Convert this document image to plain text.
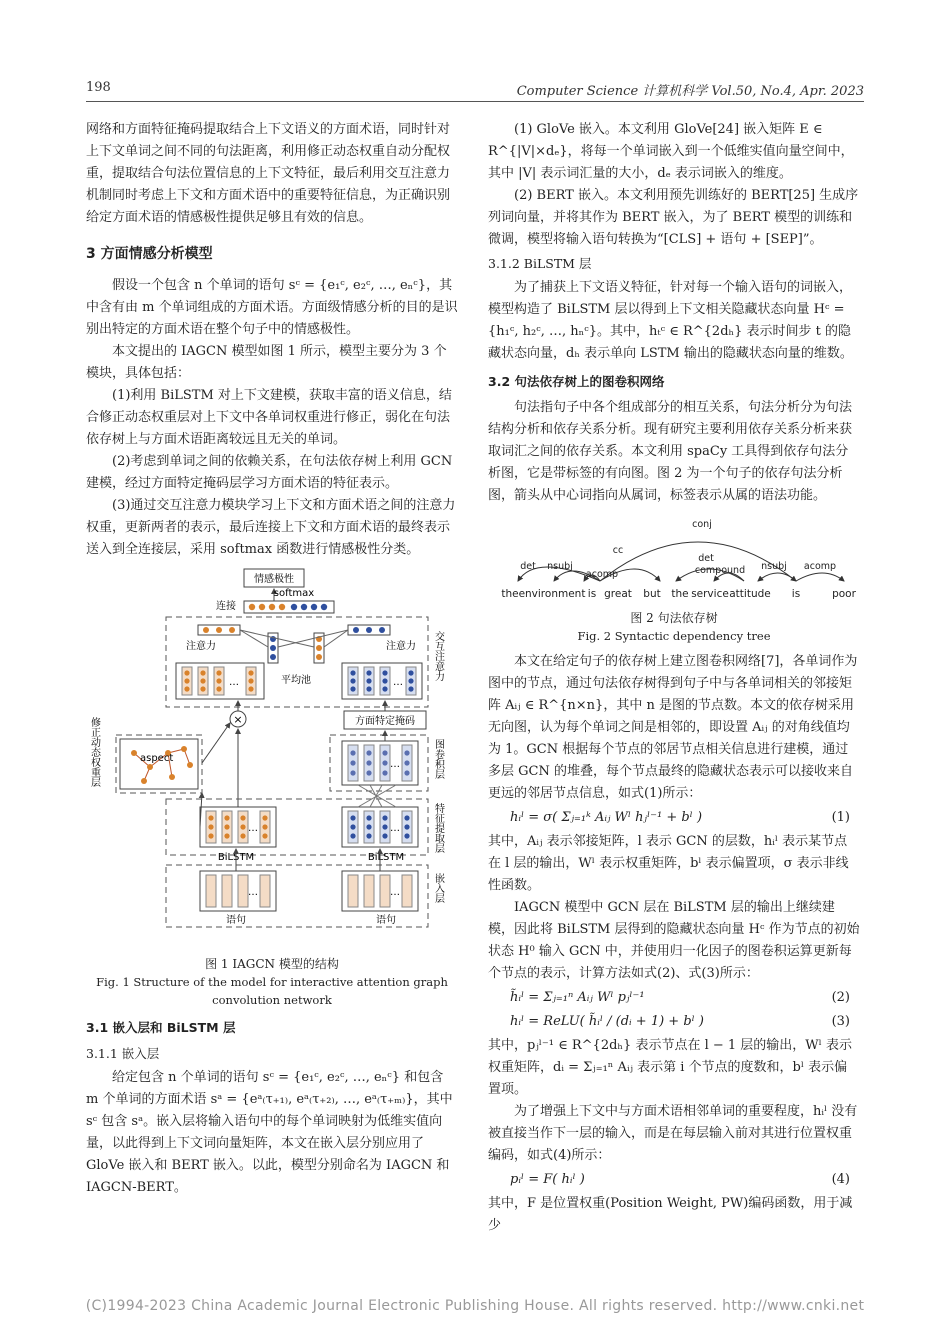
198	Computer Science 计算机科学 Vol.50, No.4, Apr. 2023

网络和方面特征掩码提取结合上下文语义的方面术语，同时针对上下文单词之间不同的句法距离，利用修正动态权重自动分配权重，提取结合句法位置信息的上下文特征，最后利用交互注意力机制同时考虑上下文和方面术语中的重要特征信息，为正确识别给定方面术语的情感极性提供足够且有效的信息。

3 方面情感分析模型

假设一个包含 n 个单词的语句 sᶜ = {e₁ᶜ, e₂ᶜ, …, eₙᶜ}，其中含有由 m 个单词组成的方面术语。方面级情感分析的目的是识别出特定的方面术语在整个句子中的情感极性。

本文提出的 IAGCN 模型如图 1 所示，模型主要分为 3 个模块，具体包括：

(1)利用 BiLSTM 对上下文建模，获取丰富的语义信息，结合修正动态权重层对上下文中各单词权重进行修正，弱化在句法依存树上与方面术语距离较远且无关的单词。

(2)考虑到单词之间的依赖关系，在句法依存树上利用 GCN 建模，经过方面特定掩码层学习方面术语的特征表示。

(3)通过交互注意力模块学习上下文和方面术语之间的注意力权重，更新两者的表示，最后连接上下文和方面术语的最终表示送入到全连接层，采用 softmax 函数进行情感极性分类。

情感极性
softmax
连接
交互注意力
注意力	注意力
平均池
…	…
×	方面特定掩码
图卷积层
…
修正动态权重层	aspect
特征提取层
…
BiLSTM
…
BiLSTM
嵌入层
…
语句
…
语句
图 1 IAGCN 模型的结构
Fig. 1 Structure of the model for interactive attention graph
convolution network
3.1 嵌入层和 BiLSTM 层
3.1.1 嵌入层

给定包含 n 个单词的语句 sᶜ = {e₁ᶜ, e₂ᶜ, …, eₙᶜ} 和包含 m 个单词的方面术语 sᵃ = {eᵃ₍τ₊₁₎, eᵃ₍τ₊₂₎, …, eᵃ₍τ₊ₘ₎}，其中 sᶜ 包含 sᵃ。嵌入层将输入语句中的每个单词映射为低维实值向量，以此得到上下文词向量矩阵，本文在嵌入层分别应用了 GloVe 嵌入和 BERT 嵌入。以此，模型分别命名为 IAGCN 和 IAGCN-BERT。

(1) GloVe 嵌入。本文利用 GloVe[24] 嵌入矩阵 E ∈ R^{|V|×dₑ}，将每一个单词嵌入到一个低维实值向量空间中，其中 |V| 表示词汇量的大小，dₑ 表示词嵌入的维度。

(2) BERT 嵌入。本文利用预先训练好的 BERT[25] 生成序列词向量，并将其作为 BERT 嵌入，为了 BERT 模型的训练和微调，模型将输入语句转换为“[CLS] + 语句 + [SEP]”。

3.1.2 BiLSTM 层

为了捕获上下文语义特征，针对每一个输入语句的词嵌入，模型构造了 BiLSTM 层以得到上下文相关隐藏状态向量 Hᶜ = {h₁ᶜ, h₂ᶜ, …, hₙᶜ}。其中，hₜᶜ ∈ R^{2dₕ} 表示时间步 t 的隐藏状态向量，dₕ 表示单向 LSTM 输出的隐藏状态向量的维数。

3.2 句法依存树上的图卷积网络

句法指句子中各个组成部分的相互关系，句法分析分为句法结构分析和依存关系分析。现有研究主要利用依存关系分析来获取词汇之间的依存关系。本文利用 spaCy 工具得到依存句法分析图，它是带标签的有向图。图 2 为一个句子的依存句法分析图，箭头从中心词指向从属词，标签表示从属的语法功能。

conj
det nsubj
cc
acomp
det
compound nsubj acomp
the environment is great but the service attitude is	poor
图 2 句法依存树
Fig. 2 Syntactic dependency tree

本文在给定句子的依存树上建立图卷积网络[7]，各单词作为图中的节点，通过句法依存树得到句子中与各单词相关的邻接矩阵 Aᵢⱼ ∈ R^{n×n}，其中 n 是图的节点数。本文的依存树采用无向图，认为每个单词之间是相邻的，即设置 Aᵢⱼ 的对角线值均为 1。GCN 根据每个节点的邻居节点相关信息进行建模，通过多层 GCN 的堆叠，每个节点最终的隐藏状态表示可以接收来自更远的邻居节点信息，如式(1)所示：

hᵢˡ = σ( Σⱼ₌₁ᵏ Aᵢⱼ Wˡ hⱼˡ⁻¹ + bˡ )	(1)

其中，Aᵢⱼ 表示邻接矩阵，l 表示 GCN 的层数，hᵢˡ 表示某节点在 l 层的输出，Wˡ 表示权重矩阵，bˡ 表示偏置项，σ 表示非线性函数。

IAGCN 模型中 GCN 层在 BiLSTM 层的输出上继续建模，因此将 BiLSTM 层得到的隐藏状态向量 Hᶜ 作为节点的初始状态 H⁰ 输入 GCN 中，并使用归一化因子的图卷积运算更新每个节点的表示，计算方法如式(2)、式(3)所示：

h̃ᵢˡ = Σⱼ₌₁ⁿ Aᵢⱼ Wˡ pⱼˡ⁻¹	(2)
hᵢˡ = ReLU( h̃ᵢˡ / (dᵢ + 1) + bˡ )	(3)

其中，pⱼˡ⁻¹ ∈ R^{2dₕ} 表示节点在 l − 1 层的输出，Wˡ 表示权重矩阵，dᵢ = Σⱼ₌₁ⁿ Aᵢⱼ 表示第 i 个节点的度数和，bˡ 表示偏置项。

为了增强上下文中与方面术语相邻单词的重要程度，hᵢˡ 没有被直接当作下一层的输入，而是在每层输入前对其进行位置权重编码，如式(4)所示：

pᵢˡ = F( hᵢˡ )	(4)

其中，F 是位置权重(Position Weight, PW)编码函数，用于减少

(C)1994-2023 China Academic Journal Electronic Publishing House. All rights reserved. http://www.cnki.net
